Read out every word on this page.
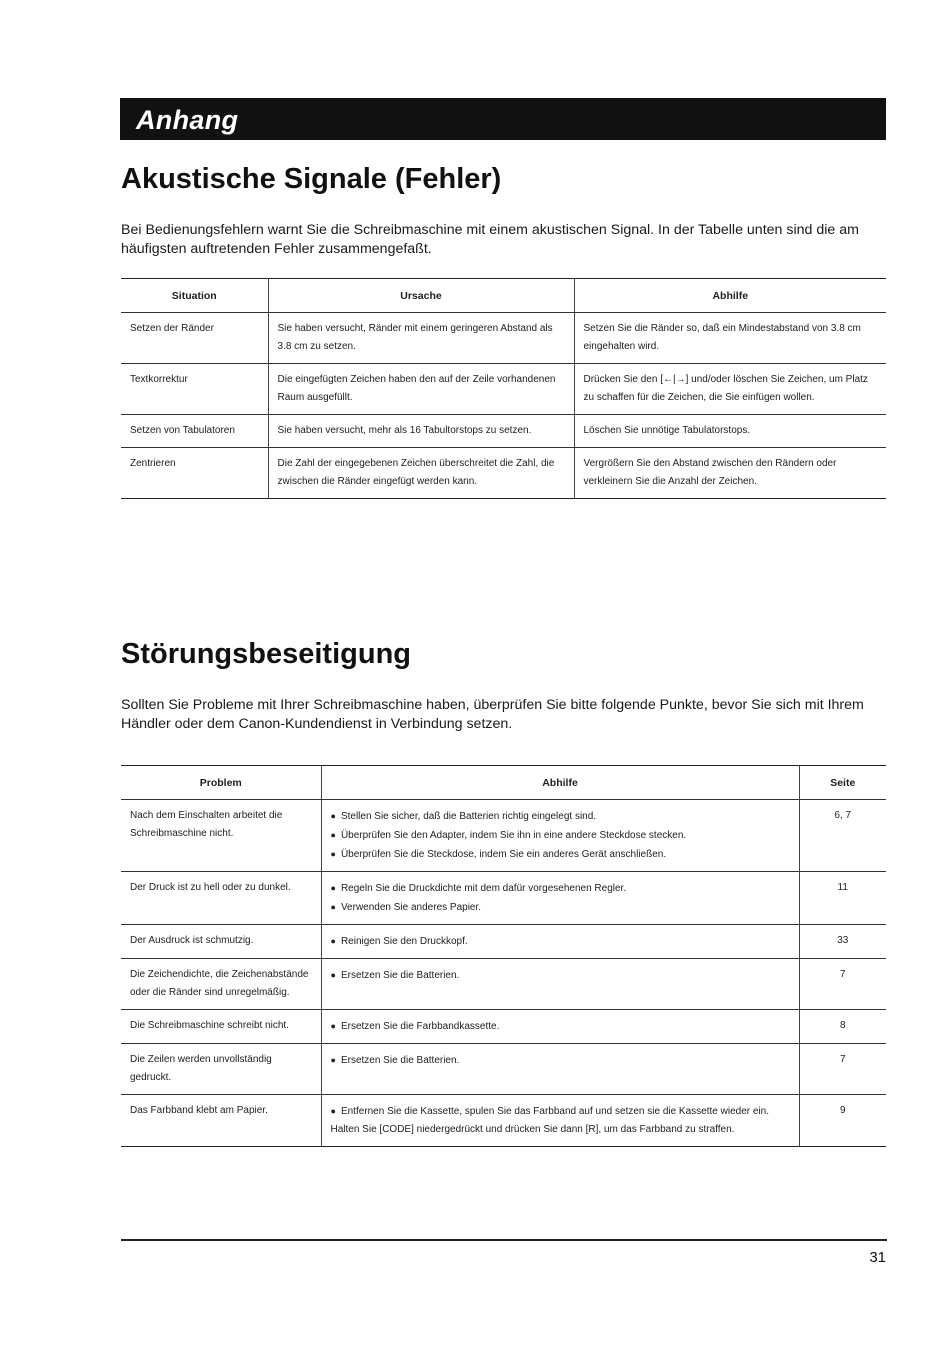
Anhang
Akustische Signale (Fehler)

Bei Bedienungsfehlern warnt Sie die Schreibmaschine mit einem akustischen Signal. In der Tabelle unten sind die am häufigsten auftretenden Fehler zusammengefaßt.

Situation	Ursache	Abhilfe
Setzen der Ränder	Sie haben versucht, Ränder mit einem geringeren Abstand als 3.8 cm zu setzen.	Setzen Sie die Ränder so, daß ein Mindestabstand von 3.8 cm eingehalten wird.
Textkorrektur	Die eingefügten Zeichen haben den auf der Zeile vorhandenen Raum ausgefüllt.	Drücken Sie den [←|→] und/oder löschen Sie Zeichen, um Platz zu schaffen für die Zeichen, die Sie einfügen wollen.
Setzen von Tabulatoren	Sie haben versucht, mehr als 16 Tabultorstops zu setzen.	Löschen Sie unnötige Tabulatorstops.
Zentrieren	Die Zahl der eingegebenen Zeichen überschreitet die Zahl, die zwischen die Ränder eingefügt werden kann.	Vergrößern Sie den Abstand zwischen den Rändern oder verkleinern Sie die Anzahl der Zeichen.
Störungsbeseitigung

Sollten Sie Probleme mit Ihrer Schreibmaschine haben, überprüfen Sie bitte folgende Punkte, bevor Sie sich mit Ihrem Händler oder dem Canon-Kundendienst in Verbindung setzen.

Problem	Abhilfe	Seite
Nach dem Einschalten arbeitet die Schreibmaschine nicht.	● Stellen Sie sicher, daß die Batterien richtig eingelegt sind.
● Überprüfen Sie den Adapter, indem Sie ihn in eine andere Steckdose stecken.
● Überprüfen Sie die Steckdose, indem Sie ein anderes Gerät anschließen.	6, 7
Der Druck ist zu hell oder zu dunkel.	● Regeln Sie die Druckdichte mit dem dafür vorgesehenen Regler.
● Verwenden Sie anderes Papier.	11
Der Ausdruck ist schmutzig.	● Reinigen Sie den Druckkopf.	33
Die Zeichendichte, die Zeichenabstände oder die Ränder sind unregelmäßig.	● Ersetzen Sie die Batterien.	7
Die Schreibmaschine schreibt nicht.	● Ersetzen Sie die Farbbandkassette.	8
Die Zeilen werden unvollständig gedruckt.	● Ersetzen Sie die Batterien.	7
Das Farbband klebt am Papier.	● Entfernen Sie die Kassette, spulen Sie das Farbband auf und setzen sie die Kassette wieder ein. Halten Sie [CODE] niedergedrückt und drücken Sie dann [R], um das Farbband zu straffen.	9
31
